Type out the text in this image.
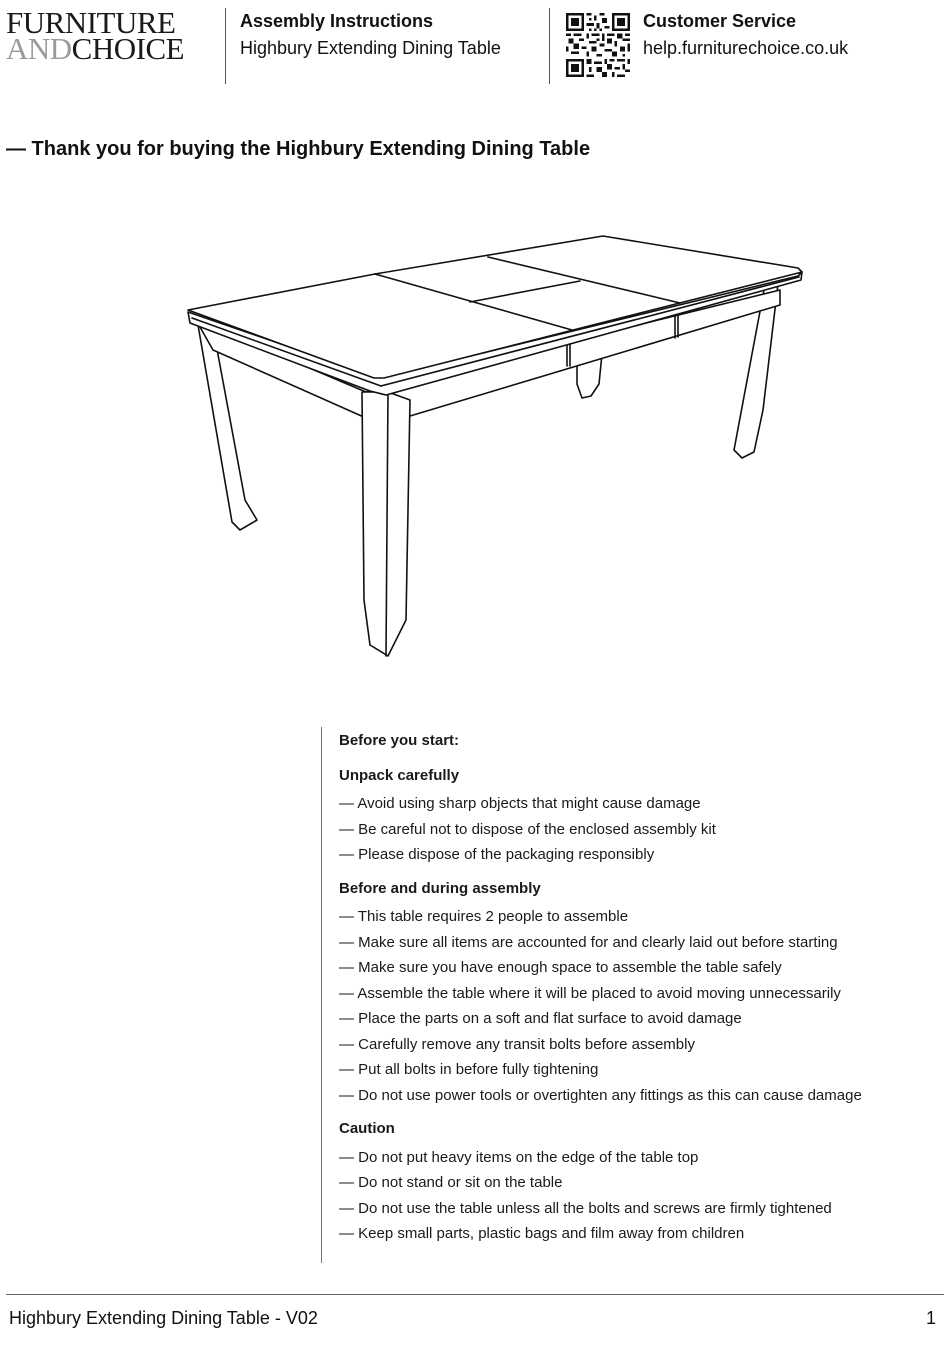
FURNITURE
ANDCHOICE
Assembly Instructions
Highbury Extending Dining Table
Customer Service
help.furniturechoice.co.uk
— Thank you for buying the Highbury Extending Dining Table
Before you start:
Unpack carefully
— Avoid using sharp objects that might cause damage
— Be careful not to dispose of the enclosed assembly kit
— Please dispose of the packaging responsibly
Before and during assembly
— This table requires 2 people to assemble
— Make sure all items are accounted for and clearly laid out before starting
— Make sure you have enough space to assemble the table safely
— Assemble the table where it will be placed to avoid moving unnecessarily
— Place the parts on a soft and flat surface to avoid damage
— Carefully remove any transit bolts before assembly
— Put all bolts in before fully tightening
— Do not use power tools or overtighten any fittings as this can cause damage
Caution
— Do not put heavy items on the edge of the table top
— Do not stand or sit on the table
— Do not use the table unless all the bolts and screws are firmly tightened
— Keep small parts, plastic bags and film away from children
Highbury Extending Dining Table - V02	1
